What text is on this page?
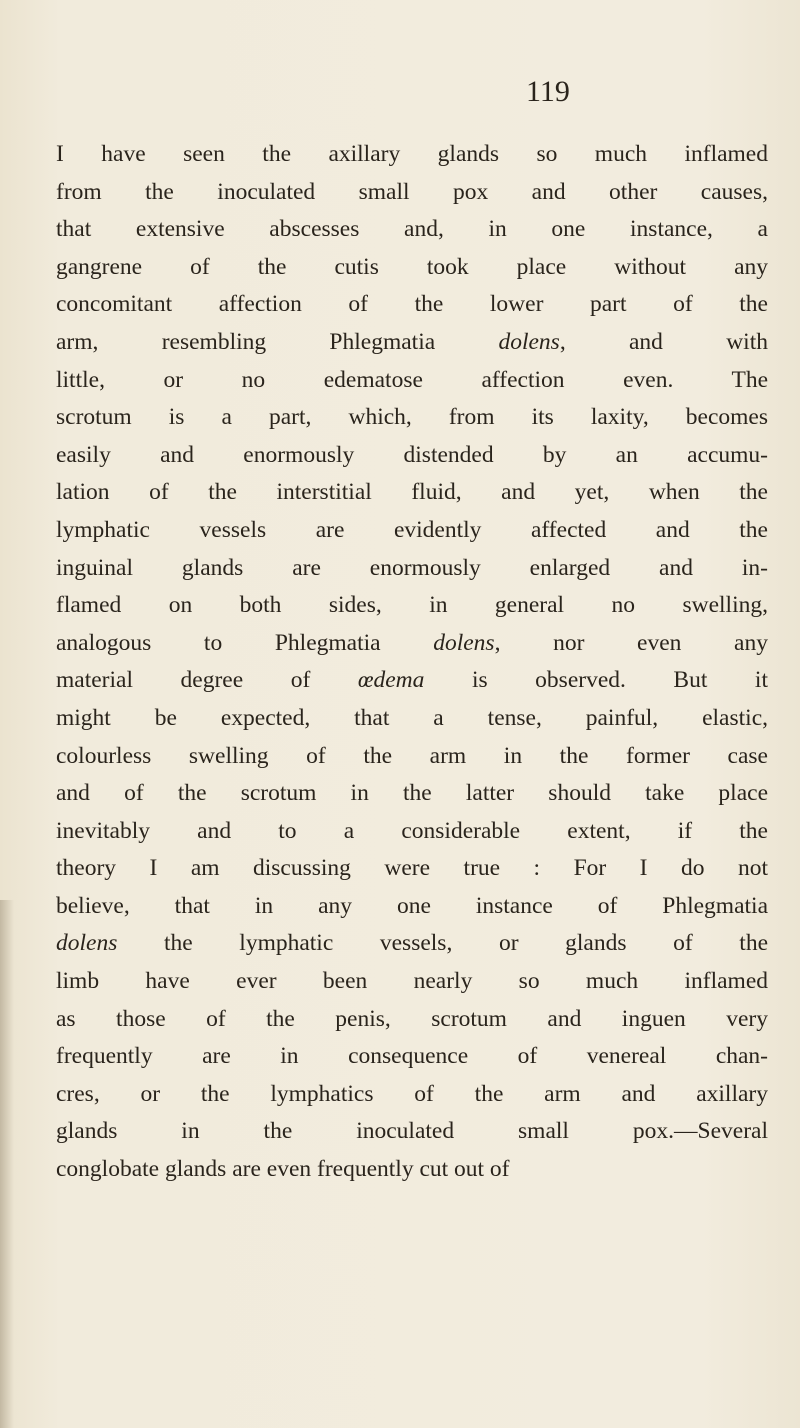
119
I have seen the axillary glands so much inflamed
from the inoculated small pox and other causes,
that extensive abscesses and, in one instance, a
gangrene of the cutis took place without any
concomitant affection of the lower part of the
arm, resembling Phlegmatia dolens, and with
little, or no edematose affection even. The
scrotum is a part, which, from its laxity, becomes
easily and enormously distended by an accumu-
lation of the interstitial fluid, and yet, when the
lymphatic vessels are evidently affected and the
inguinal glands are enormously enlarged and in-
flamed on both sides, in general no swelling,
analogous to Phlegmatia dolens, nor even any
material degree of œdema is observed. But it
might be expected, that a tense, painful, elastic,
colourless swelling of the arm in the former case
and of the scrotum in the latter should take place
inevitably and to a considerable extent, if the
theory I am discussing were true : For I do not
believe, that in any one instance of Phlegmatia
dolens the lymphatic vessels, or glands of the
limb have ever been nearly so much inflamed
as those of the penis, scrotum and inguen very
frequently are in consequence of venereal chan-
cres, or the lymphatics of the arm and axillary
glands in the inoculated small pox.—Several
conglobate glands are even frequently cut out of
